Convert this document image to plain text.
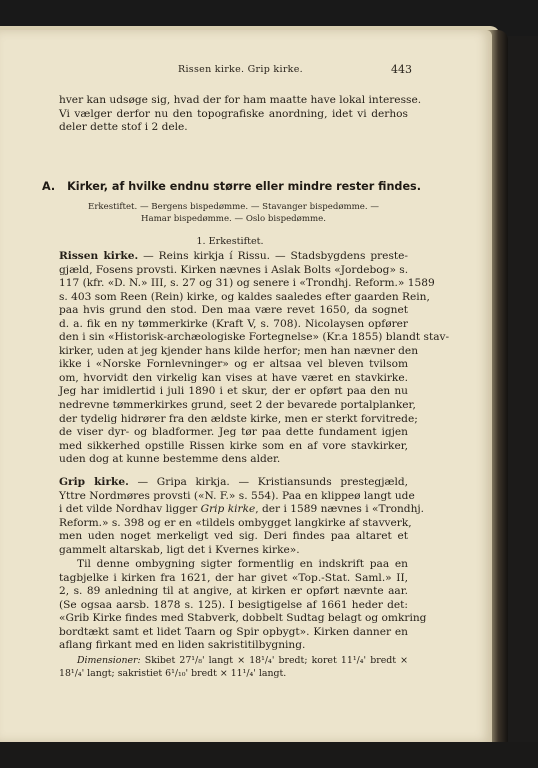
Rissen kirke. Grip kirke.	443
hver kan udsøge sig, hvad der for ham maatte have lokal interesse.
Vi vælger derfor nu den topografiske anordning, idet vi derhos
deler dette stof i 2 dele.
A. Kirker, af hvilke endnu større eller mindre rester findes.
Erkestiftet. — Bergens bispedømme. — Stavanger bispedømme. —
Hamar bispedømme. — Oslo bispedømme.
1. Erkestiftet.
Rissen kirke. — Reins kirkja í Rissu. — Stadsbygdens preste-
gjæld, Fosens provsti. Kirken nævnes i Aslak Bolts «Jordebog» s.
117 (kfr. «D. N.» III, s. 27 og 31) og senere i «Trondhj. Reform.» 1589
s. 403 som Reen (Rein) kirke, og kaldes saaledes efter gaarden Rein,
paa hvis grund den stod. Den maa være revet 1650, da sognet
d. a. fik en ny tømmerkirke (Kraft V, s. 708). Nicolaysen opfører
den i sin «Historisk-archæologiske Fortegnelse» (Kr.a 1855) blandt stav-
kirker, uden at jeg kjender hans kilde herfor; men han nævner den
ikke i «Norske Fornlevninger» og er altsaa vel bleven tvilsom
om, hvorvidt den virkelig kan vises at have været en stavkirke.
Jeg har imidlertid i juli 1890 i et skur, der er opført paa den nu
nedrevne tømmerkirkes grund, seet 2 der bevarede portalplanker,
der tydelig hidrører fra den ældste kirke, men er sterkt forvitrede;
de viser dyr- og bladformer. Jeg tør paa dette fundament igjen
med sikkerhed opstille Rissen kirke som en af vore stavkirker,
uden dog at kunne bestemme dens alder.
Grip kirke. — Gripa kirkja. — Kristiansunds prestegjæld,
Yttre Nordmøres provsti («N. F.» s. 554). Paa en klippeø langt ude
i det vilde Nordhav ligger Grip kirke, der i 1589 nævnes i «Trondhj.
Reform.» s. 398 og er en «tildels ombygget langkirke af stavverk,
men uden noget merkeligt ved sig. Deri findes paa altaret et
gammelt altarskab, ligt det i Kvernes kirke».
Til denne ombygning sigter formentlig en indskrift paa en
tagbjelke i kirken fra 1621, der har givet «Top.-Stat. Saml.» II,
2, s. 89 anledning til at angive, at kirken er opført nævnte aar.
(Se ogsaa aarsb. 1878 s. 125). I besigtigelse af 1661 heder det:
«Grib Kirke findes med Stabverk, dobbelt Sudtag belagt og omkring
bordtækt samt et lidet Taarn og Spir opbygt». Kirken danner en
aflang firkant med en liden sakristitilbygning.
Dimensioner: Skibet 27¹/₈' langt × 18¹/₄' bredt; koret 11¹/₄' bredt ×
18¹/₄' langt; sakristiet 6¹/₁₀' bredt × 11¹/₄' langt.
